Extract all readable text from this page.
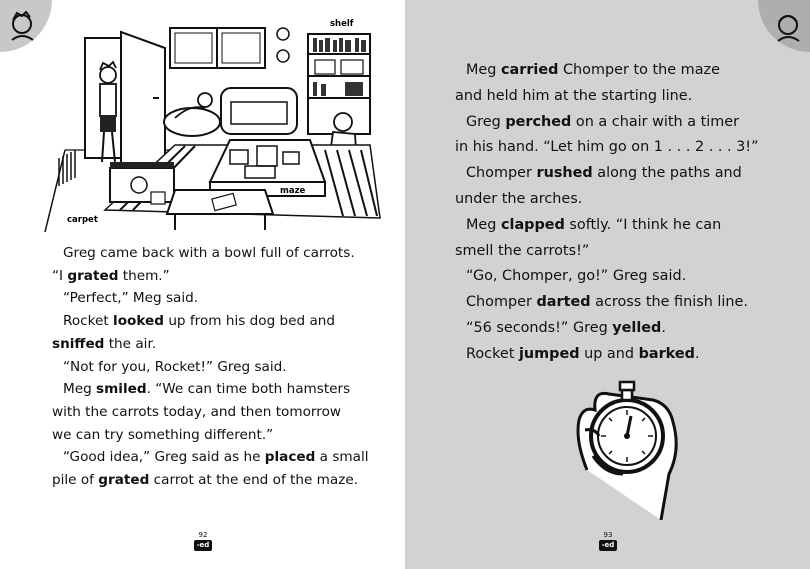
shelf
maze
carpet
Greg came back with a bowl full of carrots.
“I grated them.”
“Perfect,” Meg said.
Rocket looked up from his dog bed and
sniffed the air.
“Not for you, Rocket!” Greg said.
Meg smiled. “We can time both hamsters
with the carrots today, and then tomorrow
we can try something different.”
“Good idea,” Greg said as he placed a small
pile of grated carrot at the end of the maze.
92
-ed
Meg carried Chomper to the maze
and held him at the starting line.
Greg perched on a chair with a timer
in his hand. “Let him go on 1 . . . 2 . . . 3!”
Chomper rushed along the paths and
under the arches.
Meg clapped softly. “I think he can
smell the carrots!”
“Go, Chomper, go!” Greg said.
Chomper darted across the finish line.
“56 seconds!” Greg yelled.
Rocket jumped up and barked.
93
-ed
